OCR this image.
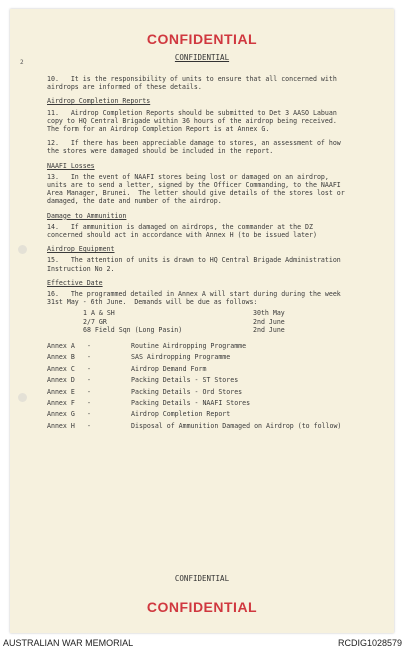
CONFIDENTIAL
CONFIDENTIAL
2

10.   It is the responsibility of units to ensure that all concerned with airdrops are informed of these details.

Airdrop Completion Reports

11.   Airdrop Completion Reports should be submitted to Det 3 AASO Labuan copy to HQ Central Brigade within 36 hours of the airdrop being received.  The form for an Airdrop Completion Report is at Annex G.

12.   If there has been appreciable damage to stores, an assessment of how the stores were damaged should be included in the report.

NAAFI Losses

13.   In the event of NAAFI stores being lost or damaged on an airdrop, units are to send a letter, signed by the Officer Commanding, to the NAAFI Area Manager, Brunei.  The letter should give details of the stores lost or damaged, the date and number of the airdrop.

Damage to Ammunition

14.   If ammunition is damaged on airdrops, the commander at the DZ concerned should act in accordance with Annex H (to be issued later)

Airdrop Equipment

15.   The attention of units is drawn to HQ Central Brigade Administration Instruction No 2.

Effective Date

16.   The programmed detailed in Annex A will start during during the week 31st May - 6th June.  Demands will be due as follows:

1 A & SH	30th May
2/7 GR	2nd June
68 Field Sqn (Long Pasin)	2nd June
Annex A	-	Routine Airdropping Programme
Annex B	-	SAS Airdropping Programme
Annex C	-	Airdrop Demand Form
Annex D	-	Packing Details - ST Stores
Annex E	-	Packing Details - Ord Stores
Annex F	-	Packing Details - NAAFI Stores
Annex G	-	Airdrop Completion Report
Annex H	-	Disposal of Ammunition Damaged on Airdrop (to follow)
CONFIDENTIAL
CONFIDENTIAL
AUSTRALIAN WAR MEMORIAL	RCDIG1028579
